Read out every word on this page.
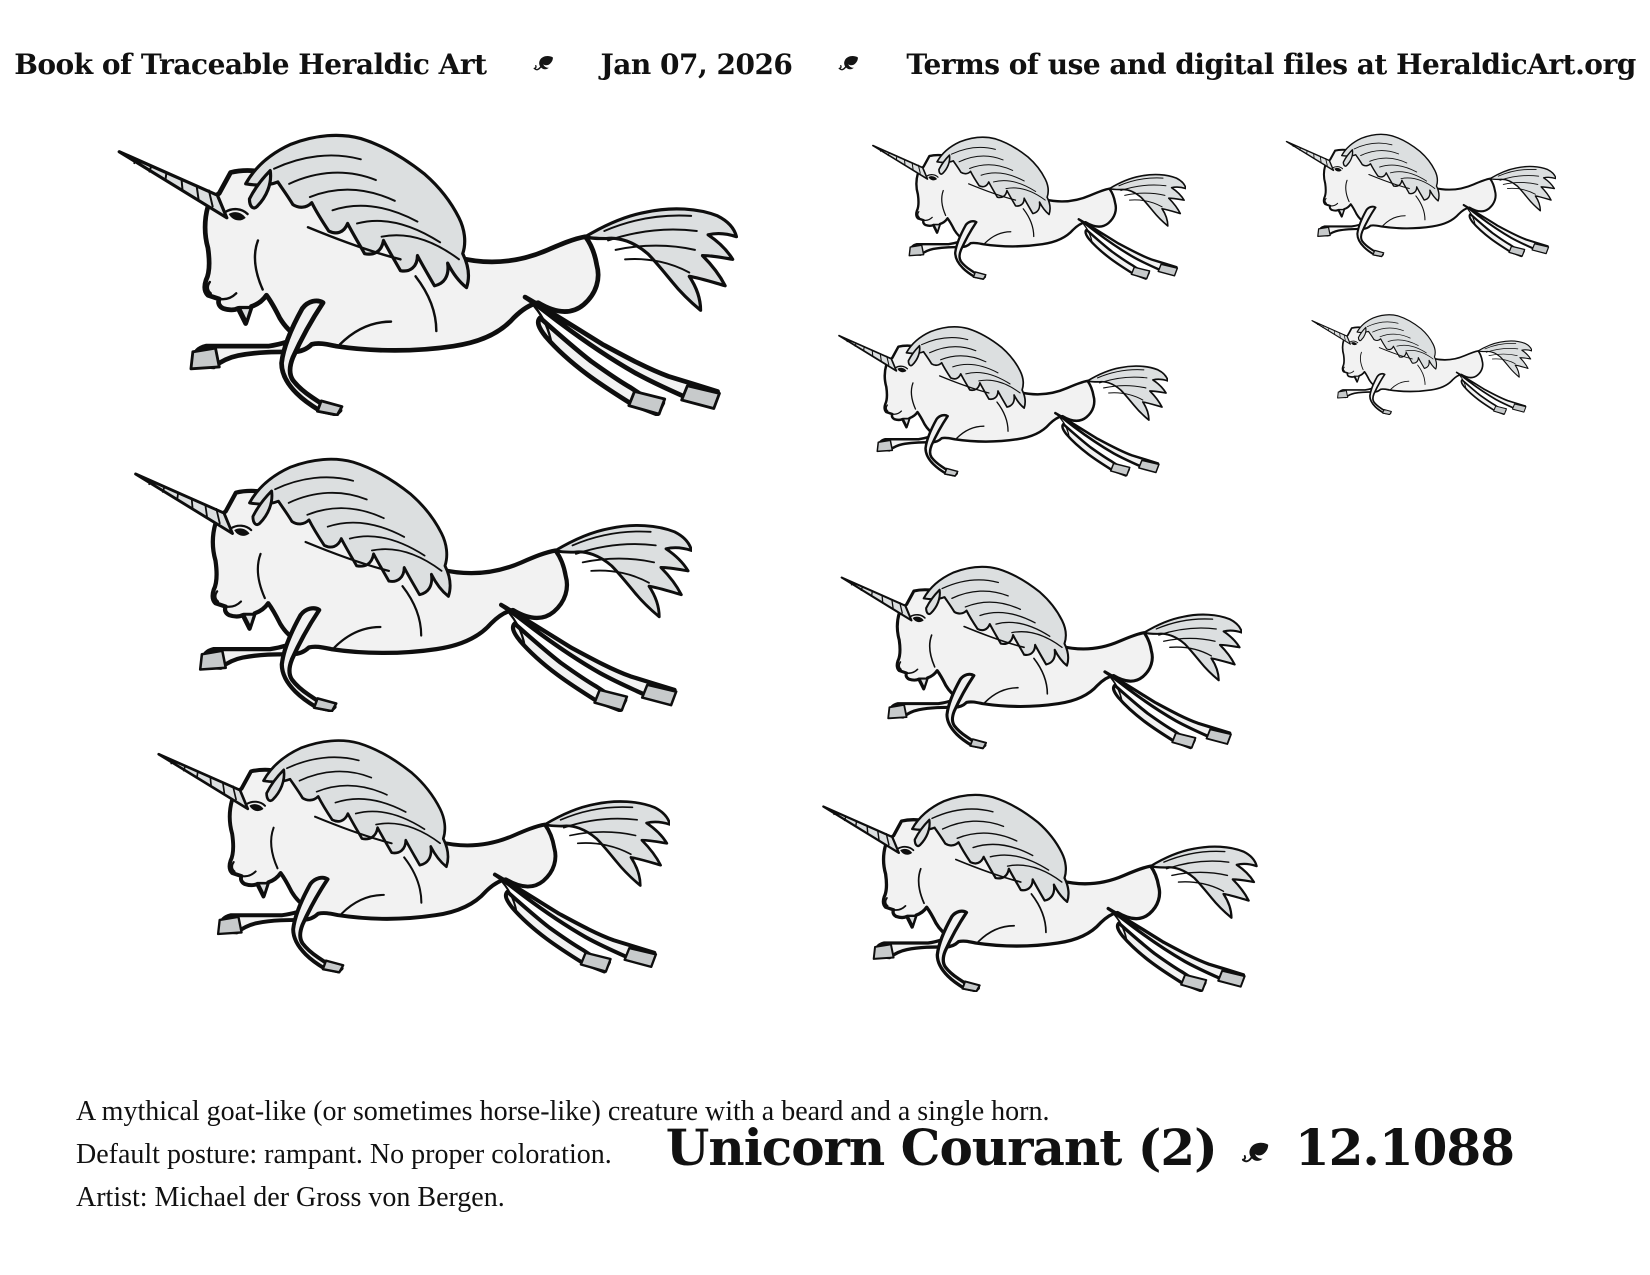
Book of Traceable Heraldic Art	Jan 07, 2026	Terms of use and digital files at HeraldicArt.org
A mythical goat-like (or sometimes horse-like) creature with a beard and a single horn.
Default posture: rampant. No proper coloration.
Artist: Michael der Gross von Bergen.
Unicorn Courant (2) 12.1088
